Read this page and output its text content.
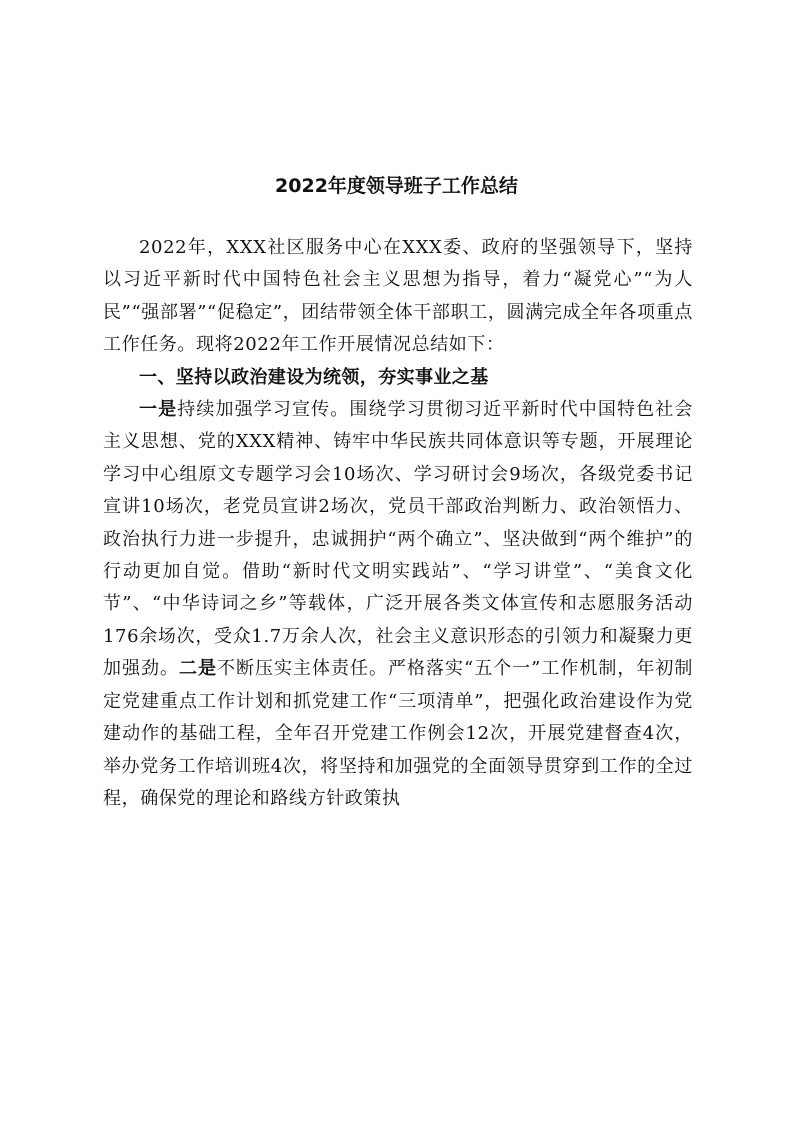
2022年度领导班子工作总结

2022年，XXX社区服务中心在XXX委、政府的坚强领导下，坚持以习近平新时代中国特色社会主义思想为指导，着力“凝党心”“为人民”“强部署”“促稳定”，团结带领全体干部职工，圆满完成全年各项重点工作任务。现将2022年工作开展情况总结如下：

一、坚持以政治建设为统领，夯实事业之基

一是持续加强学习宣传。围绕学习贯彻习近平新时代中国特色社会主义思想、党的XXX精神、铸牢中华民族共同体意识等专题，开展理论学习中心组原文专题学习会10场次、学习研讨会9场次，各级党委书记宣讲10场次，老党员宣讲2场次，党员干部政治判断力、政治领悟力、政治执行力进一步提升，忠诚拥护“两个确立”、坚决做到“两个维护”的行动更加自觉。借助“新时代文明实践站”、“学习讲堂”、“美食文化节”、“中华诗词之乡”等载体，广泛开展各类文体宣传和志愿服务活动176余场次，受众1.7万余人次，社会主义意识形态的引领力和凝聚力更加强劲。二是不断压实主体责任。严格落实“五个一”工作机制，年初制定党建重点工作计划和抓党建工作“三项清单”，把强化政治建设作为党建动作的基础工程，全年召开党建工作例会12次，开展党建督查4次，举办党务工作培训班4次，将坚持和加强党的全面领导贯穿到工作的全过程，确保党的理论和路线方针政策执
